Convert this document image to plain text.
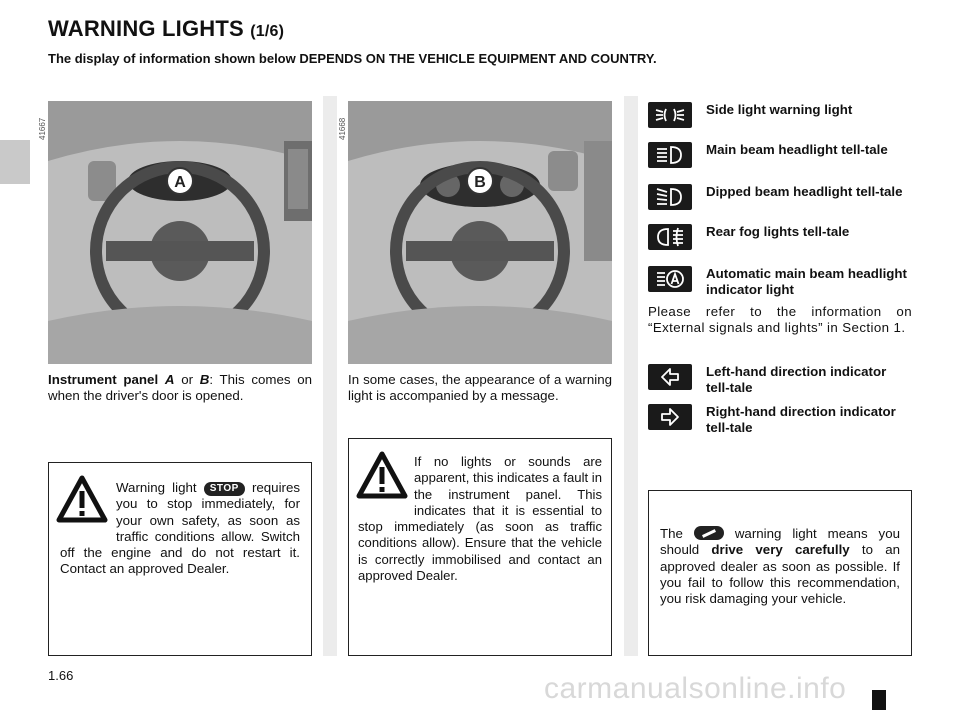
WARNING LIGHTS (1/6)
The display of information shown below DEPENDS ON THE VEHICLE EQUIPMENT AND COUNTRY.
A
41667
B
41668
Instrument panel A or B: This comes on when the driver's door is opened.
Warning light STOP requires you to stop immediately, for your own safety, as soon as traffic conditions allow. Switch off the engine and do not restart it. Contact an approved Dealer.
In some cases, the appearance of a warning light is accompanied by a message.
If no lights or sounds are apparent, this indicates a fault in the instrument panel. This indicates that it is essential to stop immediately (as soon as traffic conditions allow). Ensure that the vehicle is correctly immobilised and contact an approved Dealer.
Side light warning light
Main beam headlight tell-tale
Dipped beam headlight tell-tale
Rear fog lights tell-tale
Automatic main beam headlight indicator light
Please refer to the information on “External signals and lights” in Section 1.
Left-hand direction indicator tell-tale
Right-hand direction indicator tell-tale
The	warning light means you should drive very carefully to an approved dealer as soon as possible. If you fail to follow this recommendation, you risk damaging your vehicle.
1.66	carmanualsonline.info
